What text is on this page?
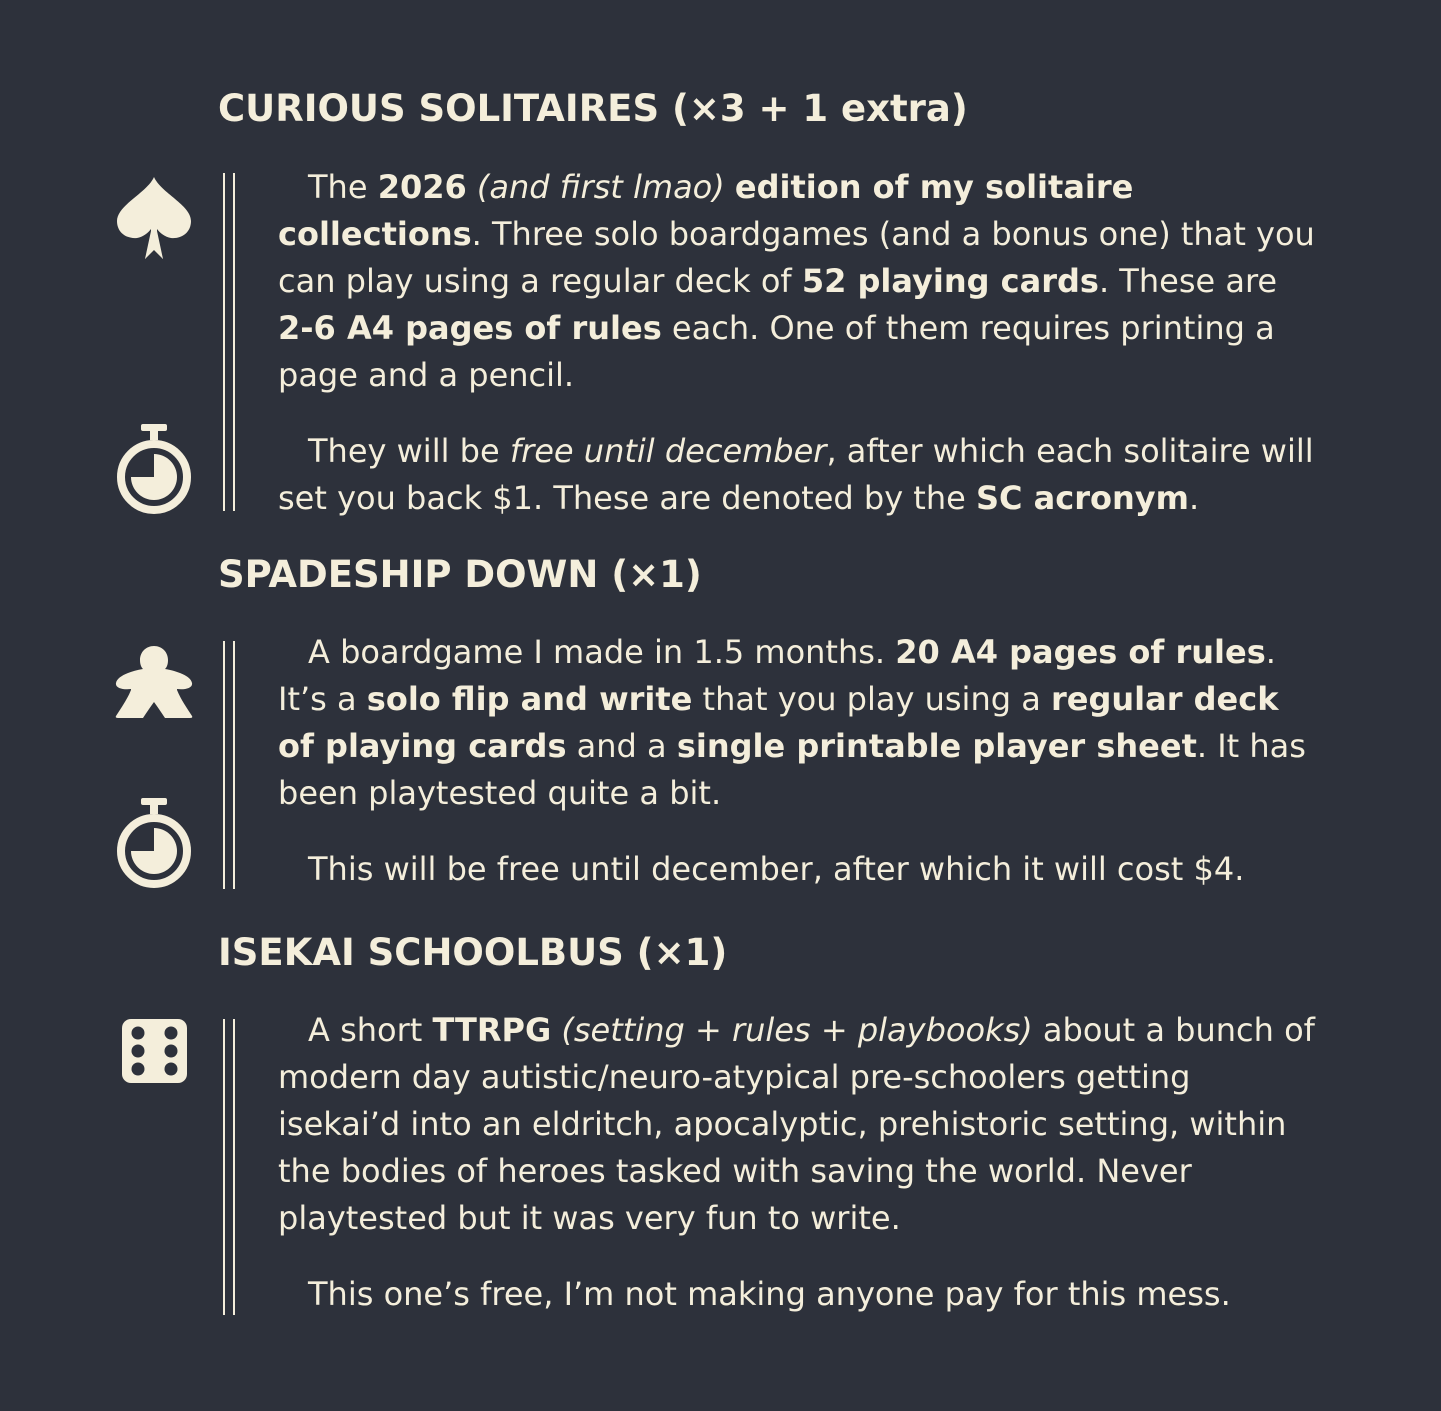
CURIOUS SOLITAIRES (×3 + 1 extra)

The 2026 (and first lmao) edition of my solitaire collections. Three solo boardgames (and a bonus one) that you can play using a regular deck of 52 playing cards. These are 2-6 A4 pages of rules each. One of them requires printing a page and a pencil.

They will be free until december, after which each solitaire will set you back $1. These are denoted by the SC acronym.

SPADESHIP DOWN (×1)

A boardgame I made in 1.5 months. 20 A4 pages of rules. It’s a solo flip and write that you play using a regular deck of playing cards and a single printable player sheet. It has been playtested quite a bit.

This will be free until december, after which it will cost $4.

ISEKAI SCHOOLBUS (×1)

A short TTRPG (setting + rules + playbooks) about a bunch of modern day autistic/neuro-atypical pre-schoolers getting isekai’d into an eldritch, apocalyptic, prehistoric setting, within the bodies of heroes tasked with saving the world. Never playtested but it was very fun to write.

This one’s free, I’m not making anyone pay for this mess.
